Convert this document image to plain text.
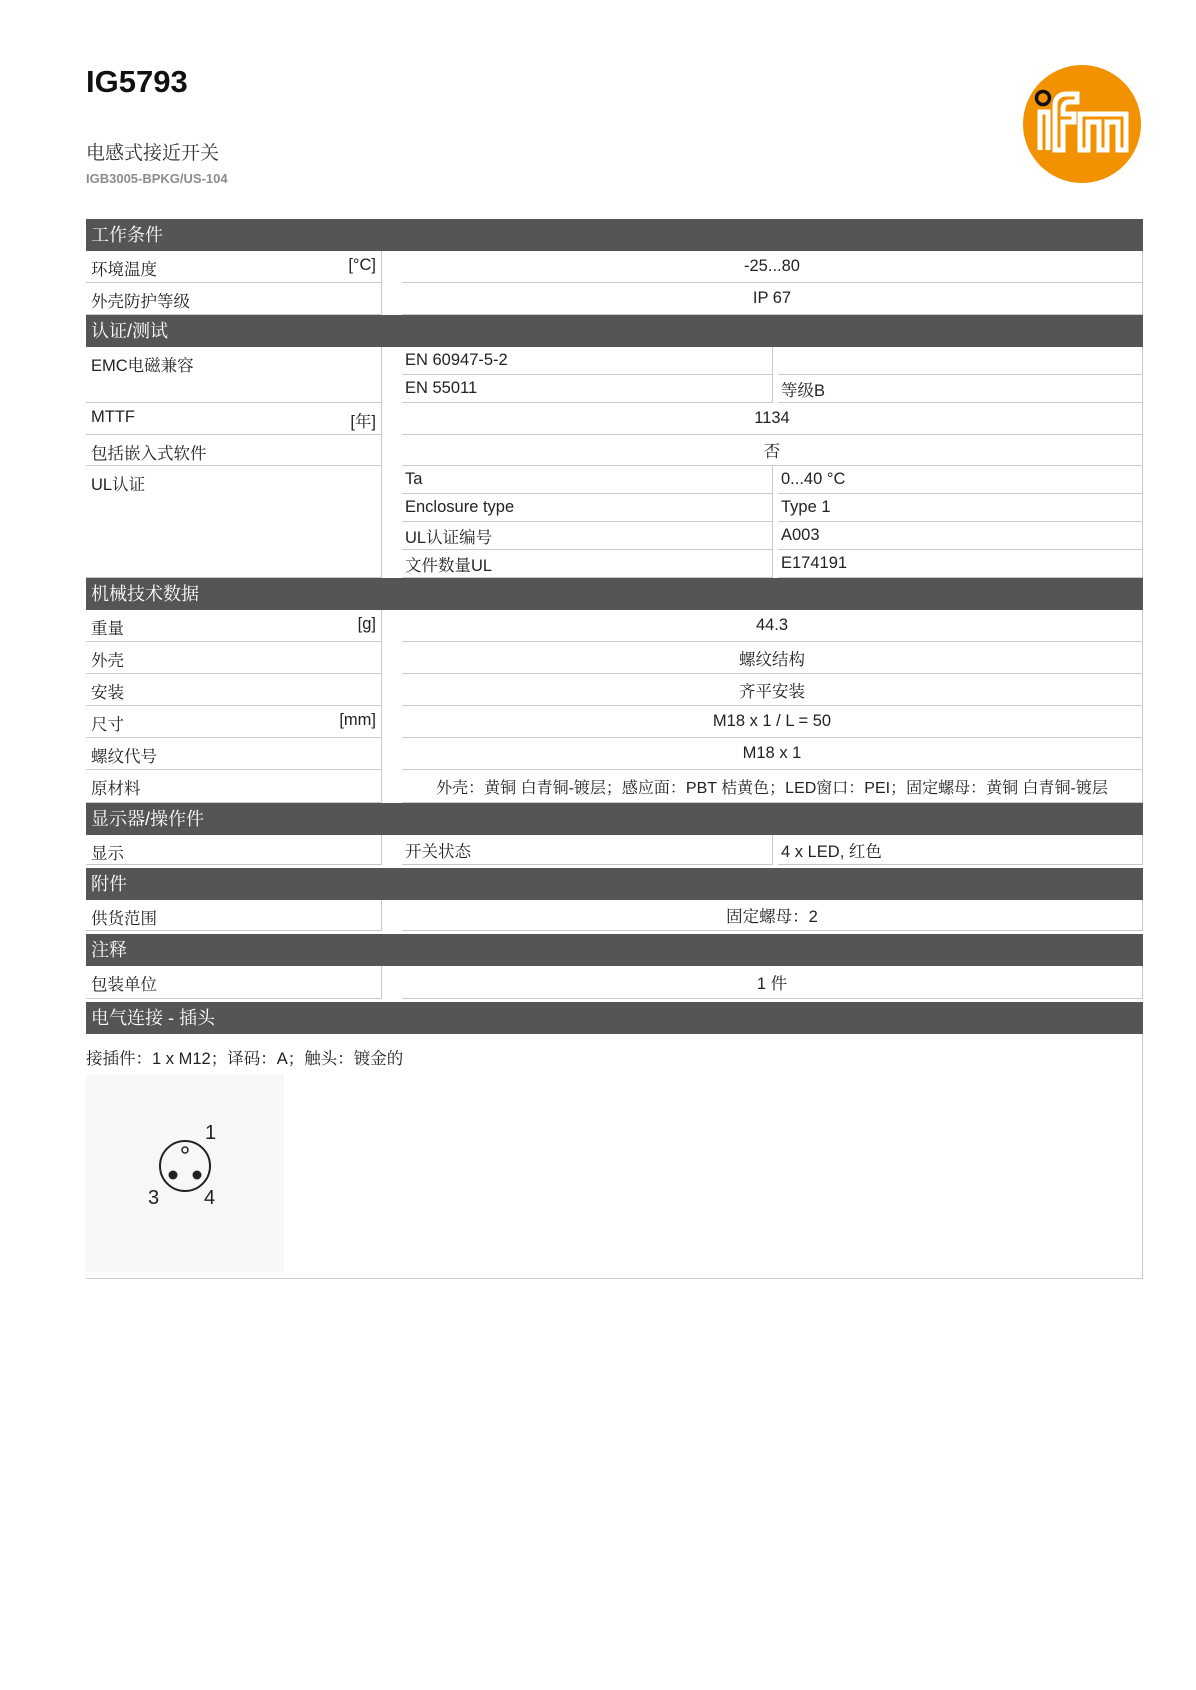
IG5793
电感式接近开关
IGB3005-BPKG/US-104
工作条件
环境温度	[°C]	-25...80
外壳防护等级	IP 67
认证/测试
EMC电磁兼容	EN 60947-5-2
EN 55011	等级B
MTTF	[年]	1134
包括嵌入式软件	否
UL认证	Ta	0...40 °C
Enclosure type	Type 1
UL认证编号	A003
文件数量UL	E174191
机械技术数据
重量	[g]	44.3
外壳	螺纹结构
安装	齐平安装
尺寸	[mm]	M18 x 1 / L = 50
螺纹代号	M18 x 1
原材料	外壳：黄铜 白青铜-镀层；感应面：PBT 桔黄色；LED窗口：PEI；固定螺母：黄铜 白青铜-镀层
显示器/操作件
显示	开关状态	4 x LED, 红色
附件
供货范围	固定螺母：2
注释
包装单位	1 件
电气连接 - 插头
接插件：1 x M12；译码：A；触头：镀金的
1
3 4
